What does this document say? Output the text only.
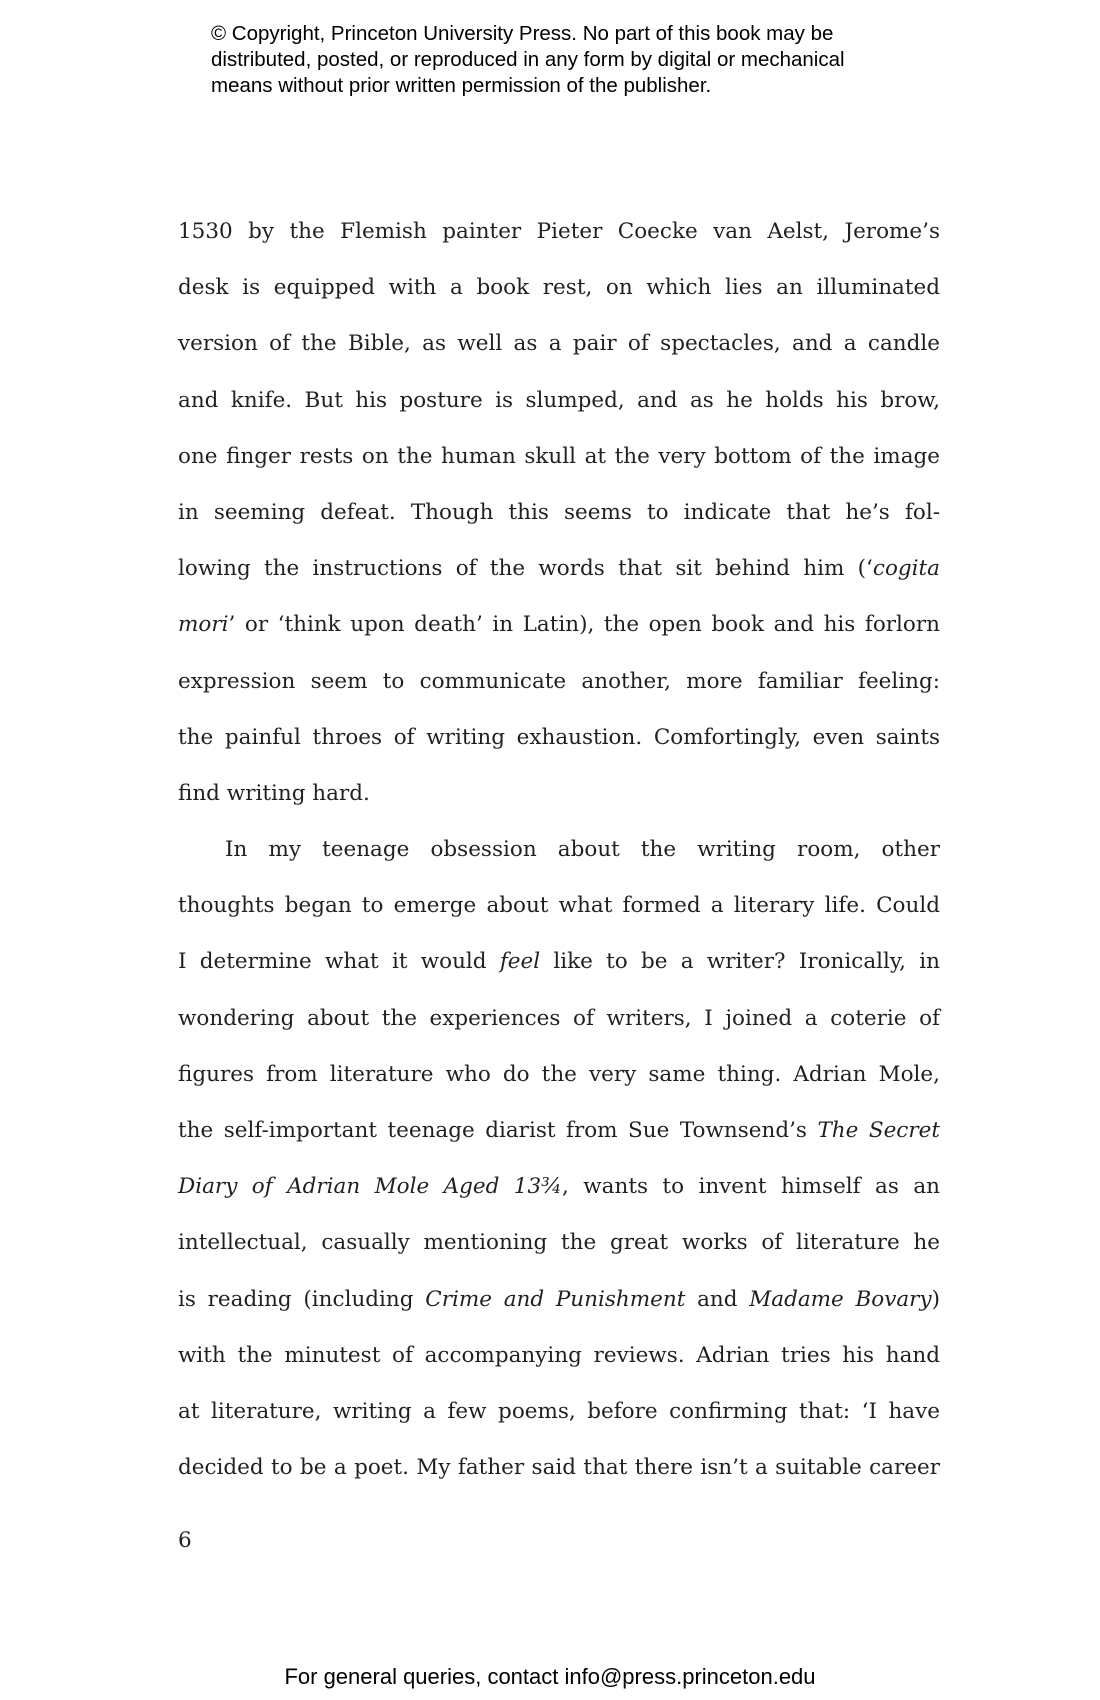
© Copyright, Princeton University Press. No part of this book may be
distributed, posted, or reproduced in any form by digital or mechanical
means without prior written permission of the publisher.
1530 by the Flemish painter Pieter Coecke van Aelst, Jerome’s
desk is equipped with a book rest, on which lies an illuminated
version of the Bible, as well as a pair of spectacles, and a candle
and knife. But his posture is slumped, and as he holds his brow,
one finger rests on the human skull at the very bottom of the image
in seeming defeat. Though this seems to indicate that he’s fol-
lowing the instructions of the words that sit behind him (‘cogita
mori’ or ‘think upon death’ in Latin), the open book and his forlorn
expression seem to communicate another, more familiar feeling:
the painful throes of writing exhaustion. Comfortingly, even saints
find writing hard.
In my teenage obsession about the writing room, other
thoughts began to emerge about what formed a literary life. Could
I determine what it would feel like to be a writer? Ironically, in
wondering about the experiences of writers, I joined a coterie of
figures from literature who do the very same thing. Adrian Mole,
the self-important teenage diarist from Sue Townsend’s The Secret
Diary of Adrian Mole Aged 13¾, wants to invent himself as an
intellectual, casually mentioning the great works of literature he
is reading (including Crime and Punishment and Madame Bovary)
with the minutest of accompanying reviews. Adrian tries his hand
at literature, writing a few poems, before confirming that: ‘I have
decided to be a poet. My father said that there isn’t a suitable career
6
For general queries, contact info@press.princeton.edu
